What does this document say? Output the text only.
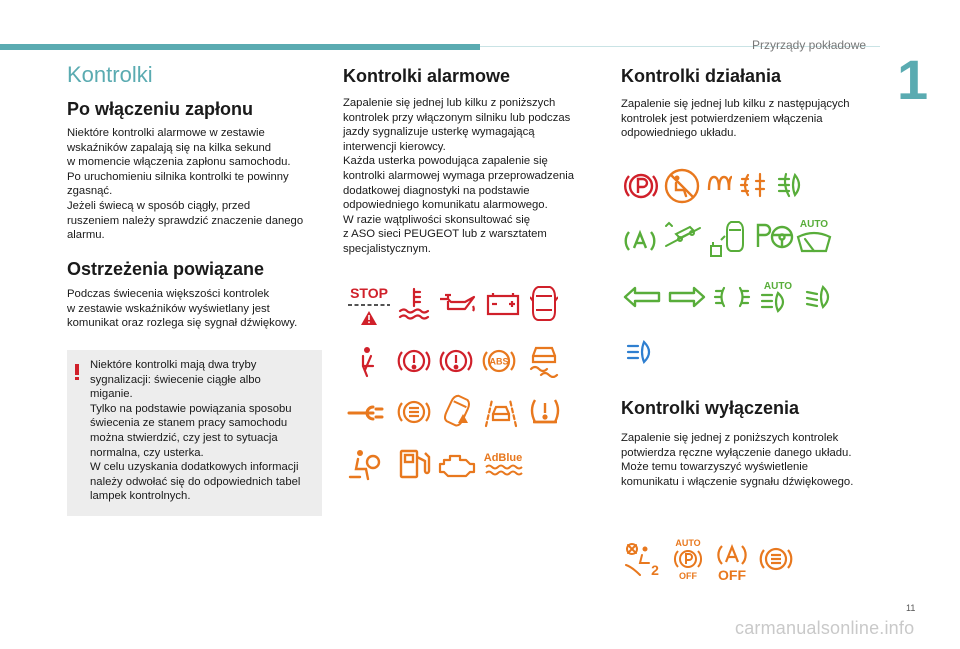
Przyrządy pokładowe
1
Kontrolki
Po włączeniu zapłonu

Niektóre kontrolki alarmowe w zestawie
wskaźników zapalają się na kilka sekund
w momencie włączenia zapłonu samochodu.
Po uruchomieniu silnika kontrolki te powinny
zgasnąć.
Jeżeli świecą w sposób ciągły, przed
ruszeniem należy sprawdzić znaczenie danego
alarmu.

Ostrzeżenia powiązane

Podczas świecenia większości kontrolek
w zestawie wskaźników wyświetlany jest
komunikat oraz rozlega się sygnał dźwiękowy.

Niektóre kontrolki mają dwa tryby
sygnalizacji: świecenie ciągłe albo
miganie.
Tylko na podstawie powiązania sposobu
świecenia ze stanem pracy samochodu
można stwierdzić, czy jest to sytuacja
normalna, czy usterka.
W celu uzyskania dodatkowych informacji
należy odwołać się do odpowiednich tabel
lampek kontrolnych.

Kontrolki alarmowe

Zapalenie się jednej lub kilku z poniższych
kontrolek przy włączonym silniku lub podczas
jazdy sygnalizuje usterkę wymagającą
interwencji kierowcy.
Każda usterka powodująca zapalenie się
kontrolki alarmowej wymaga przeprowadzenia
dodatkowej diagnostyki na podstawie
odpowiedniego komunikatu alarmowego.
W razie wątpliwości skonsultować się
z ASO sieci PEUGEOT lub z warsztatem
specjalistycznym.

STOP
ABS
AdBlue
Kontrolki działania

Zapalenie się jednej lub kilku z następujących
kontrolek jest potwierdzeniem włączenia
odpowiedniego układu.

AUTO
AUTO
Kontrolki wyłączenia

Zapalenie się jednej z poniższych kontrolek
potwierdza ręczne wyłączenie danego układu.
Może temu towarzyszyć wyświetlenie
komunikatu i włączenie sygnału dźwiękowego.

2
AUTO
OFF OFF
11
carmanualsonline.info
